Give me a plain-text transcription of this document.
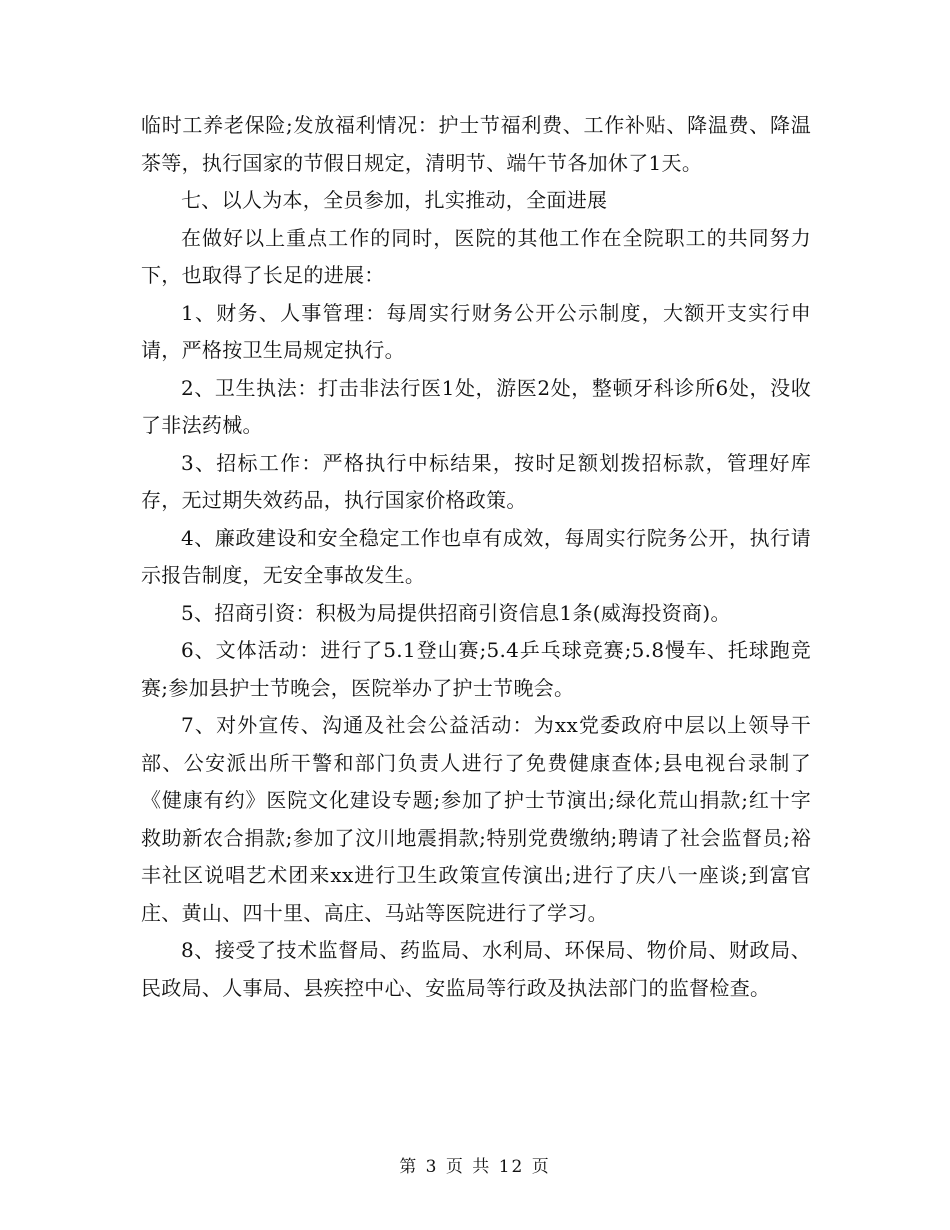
临时工养老保险;发放福利情况：护士节福利费、工作补贴、降温费、降温茶等，执行国家的节假日规定，清明节、端午节各加休了1天。

七、以人为本，全员参加，扎实推动，全面进展

在做好以上重点工作的同时，医院的其他工作在全院职工的共同努力下，也取得了长足的进展：

1、财务、人事管理：每周实行财务公开公示制度，大额开支实行申请，严格按卫生局规定执行。

2、卫生执法：打击非法行医1处，游医2处，整顿牙科诊所6处，没收了非法药械。

3、招标工作：严格执行中标结果，按时足额划拨招标款，管理好库存，无过期失效药品，执行国家价格政策。

4、廉政建设和安全稳定工作也卓有成效，每周实行院务公开，执行请示报告制度，无安全事故发生。

5、招商引资：积极为局提供招商引资信息1条(威海投资商)。

6、文体活动：进行了5.1登山赛;5.4乒乓球竞赛;5.8慢车、托球跑竞赛;参加县护士节晚会，医院举办了护士节晚会。

7、对外宣传、沟通及社会公益活动：为xx党委政府中层以上领导干部、公安派出所干警和部门负责人进行了免费健康查体;县电视台录制了《健康有约》医院文化建设专题;参加了护士节演出;绿化荒山捐款;红十字救助新农合捐款;参加了汶川地震捐款;特别党费缴纳;聘请了社会监督员;裕丰社区说唱艺术团来xx进行卫生政策宣传演出;进行了庆八一座谈;到富官庄、黄山、四十里、高庄、马站等医院进行了学习。

8、接受了技术监督局、药监局、水利局、环保局、物价局、财政局、民政局、人事局、县疾控中心、安监局等行政及执法部门的监督检查。

第 3 页 共 12 页
